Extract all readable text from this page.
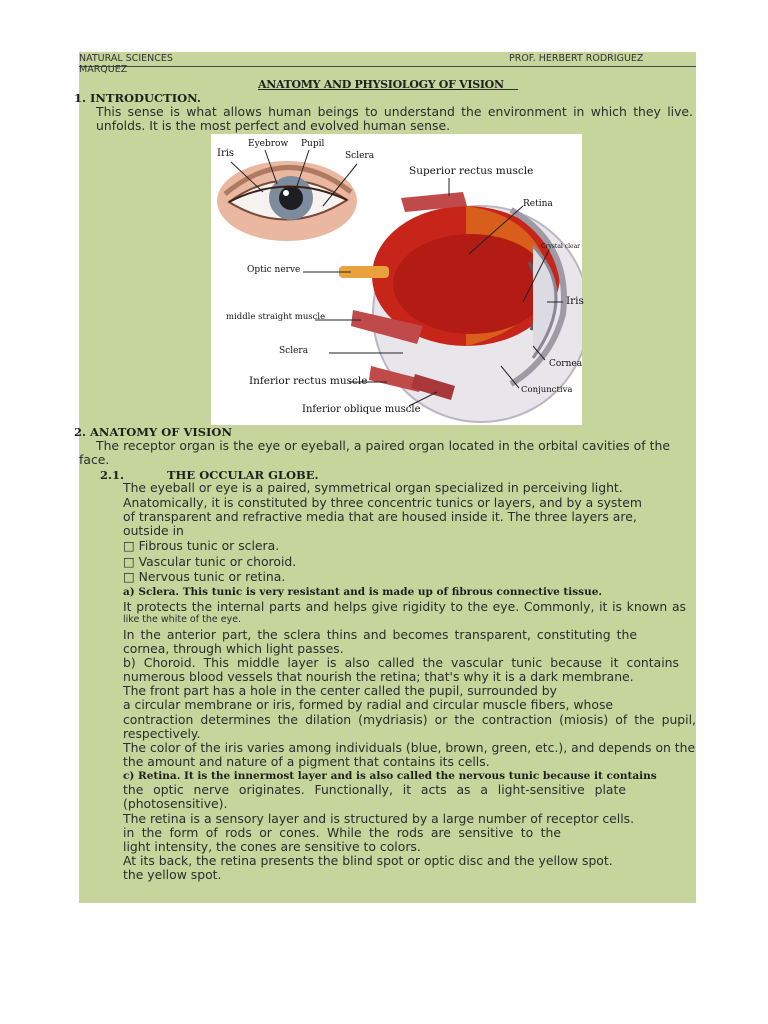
NATURAL SCIENCES	PROF. HERBERT RODRIGUEZ
MARQUEZ
ANATOMY AND PHYSIOLOGY OF VISION
1. INTRODUCTION.
This sense is what allows human beings to understand the environment in which they live.
unfolds. It is the most perfect and evolved human sense.
Iris
Eyebrow Pupil
Sclera
Superior rectus muscle
Retina
Crystal clear
Iris
Optic nerve
middle straight muscle
Sclera
Cornea
Inferior rectus muscle
Conjunctiva
Inferior oblique muscle
2. ANATOMY OF VISION
The receptor organ is the eye or eyeball, a paired organ located in the orbital cavities of the
face.
2.1.	THE OCCULAR GLOBE.
The eyeball or eye is a paired, symmetrical organ specialized in perceiving light.
Anatomically, it is constituted by three concentric tunics or layers, and by a system
of transparent and refractive media that are housed inside it. The three layers are,
outside in
□ Fibrous tunic or sclera.
□ Vascular tunic or choroid.
□ Nervous tunic or retina.
a) Sclera. This tunic is very resistant and is made up of fibrous connective tissue.
It protects the internal parts and helps give rigidity to the eye. Commonly, it is known as
like the white of the eye.
In the anterior part, the sclera thins and becomes transparent, constituting the
cornea, through which light passes.
b) Choroid. This middle layer is also called the vascular tunic because it contains
numerous blood vessels that nourish the retina; that's why it is a dark membrane.
The front part has a hole in the center called the pupil, surrounded by
a circular membrane or iris, formed by radial and circular muscle fibers, whose
contraction determines the dilation (mydriasis) or the contraction (miosis) of the pupil,
respectively.
The color of the iris varies among individuals (blue, brown, green, etc.), and depends on the
the amount and nature of a pigment that contains its cells.
c) Retina. It is the innermost layer and is also called the nervous tunic because it contains
the optic nerve originates. Functionally, it acts as a light-sensitive plate
(photosensitive).
The retina is a sensory layer and is structured by a large number of receptor cells.
in the form of rods or cones. While the rods are sensitive to the
light intensity, the cones are sensitive to colors.
At its back, the retina presents the blind spot or optic disc and the yellow spot.
the yellow spot.
